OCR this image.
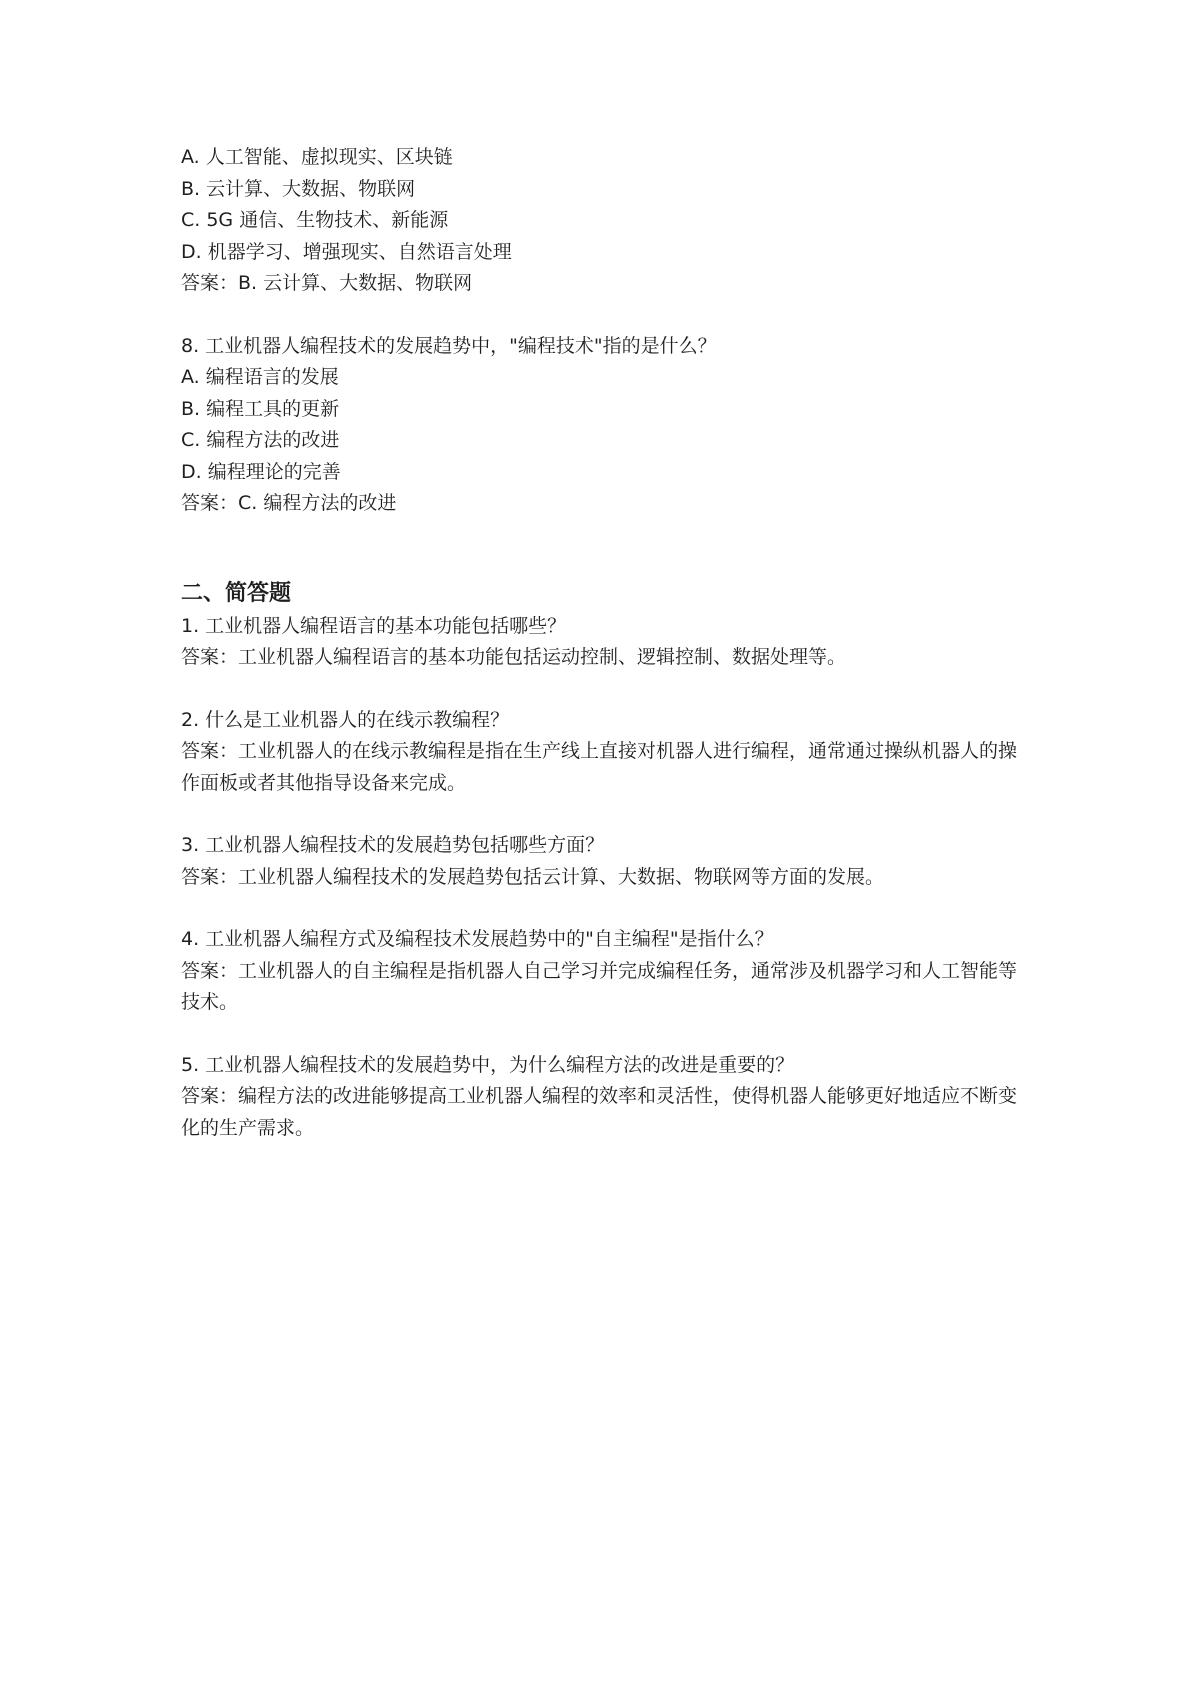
A. 人工智能、虚拟现实、区块链
B. 云计算、大数据、物联网
C. 5G 通信、生物技术、新能源
D. 机器学习、增强现实、自然语言处理
答案：B. 云计算、大数据、物联网
8. 工业机器人编程技术的发展趋势中，"编程技术"指的是什么？
A. 编程语言的发展
B. 编程工具的更新
C. 编程方法的改进
D. 编程理论的完善
答案：C. 编程方法的改进
二、简答题
1. 工业机器人编程语言的基本功能包括哪些？
答案：工业机器人编程语言的基本功能包括运动控制、逻辑控制、数据处理等。
2. 什么是工业机器人的在线示教编程？
答案：工业机器人的在线示教编程是指在生产线上直接对机器人进行编程，通常通过操纵机器人的操作面板或者其他指导设备来完成。
3. 工业机器人编程技术的发展趋势包括哪些方面？
答案：工业机器人编程技术的发展趋势包括云计算、大数据、物联网等方面的发展。
4. 工业机器人编程方式及编程技术发展趋势中的"自主编程"是指什么？
答案：工业机器人的自主编程是指机器人自己学习并完成编程任务，通常涉及机器学习和人工智能等技术。
5. 工业机器人编程技术的发展趋势中，为什么编程方法的改进是重要的？
答案：编程方法的改进能够提高工业机器人编程的效率和灵活性，使得机器人能够更好地适应不断变化的生产需求。
